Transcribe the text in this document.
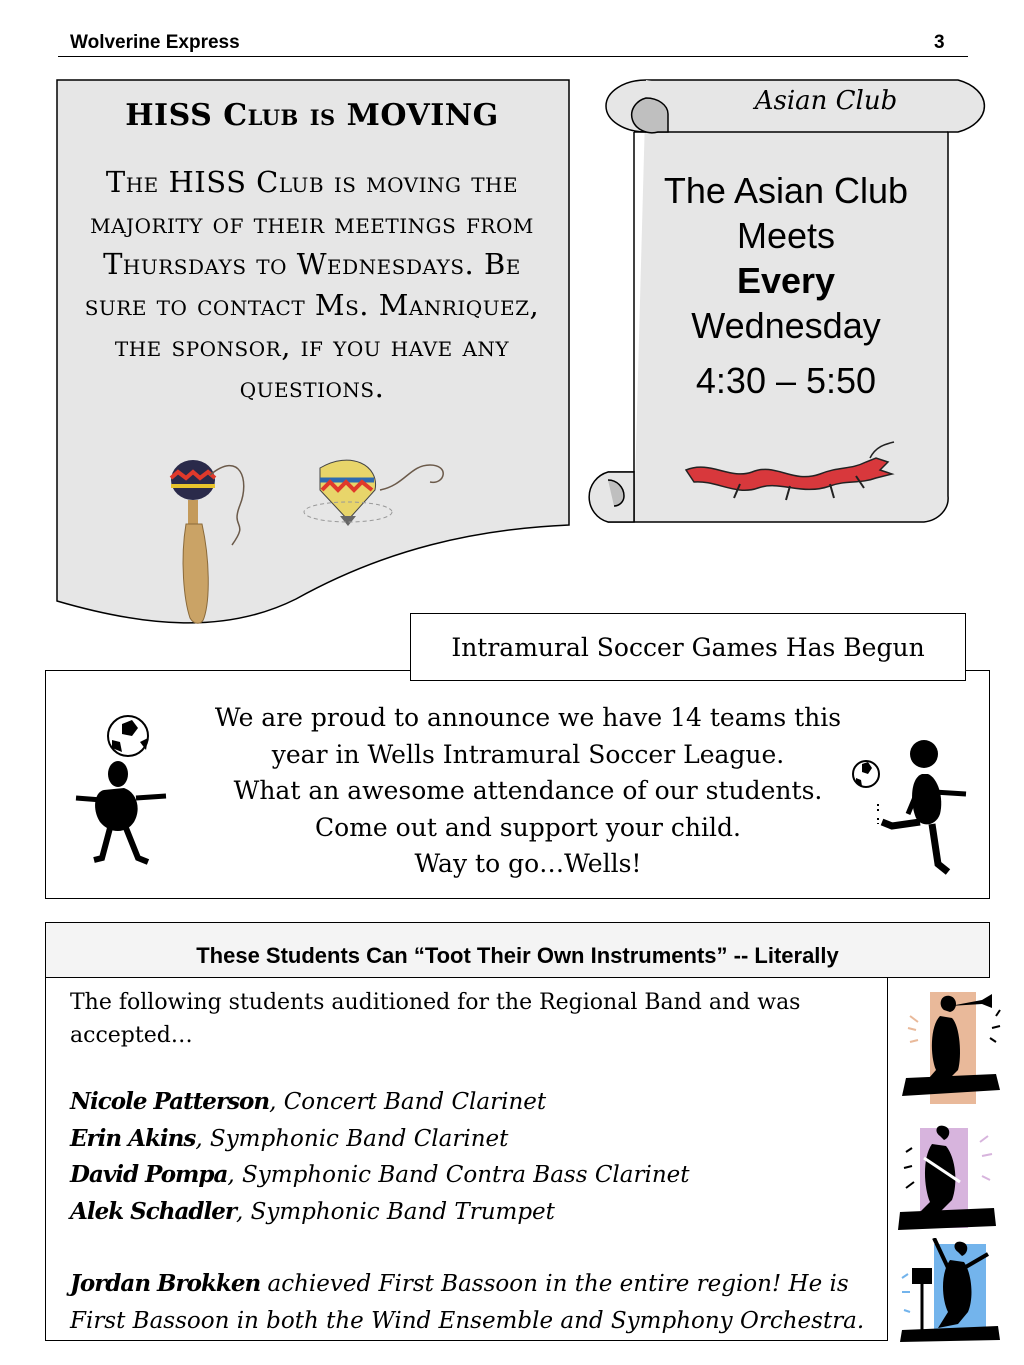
Wolverine Express	3
HISS Club is MOVING
The HISS Club is moving the majority of their meetings from Thursdays to Wednesdays. Be sure to contact Ms. Manriquez, the sponsor, if you have any questions.
Asian Club
The Asian Club
Meets
Every
Wednesday
4:30 – 5:50
Intramural Soccer Games Has Begun
We are proud to announce we have 14 teams this
year in Wells Intramural Soccer League.
What an awesome attendance of our students.
Come out and support your child.
Way to go…Wells!
These Students Can “Toot Their Own Instruments” -- Literally
The following students auditioned for the Regional Band and was accepted…
Nicole Patterson, Concert Band Clarinet
Erin Akins, Symphonic Band Clarinet
David Pompa, Symphonic Band Contra Bass Clarinet
Alek Schadler, Symphonic Band Trumpet
Jordan Brokken achieved First Bassoon in the entire region! He is First Bassoon in both the Wind Ensemble and Symphony Orchestra.
